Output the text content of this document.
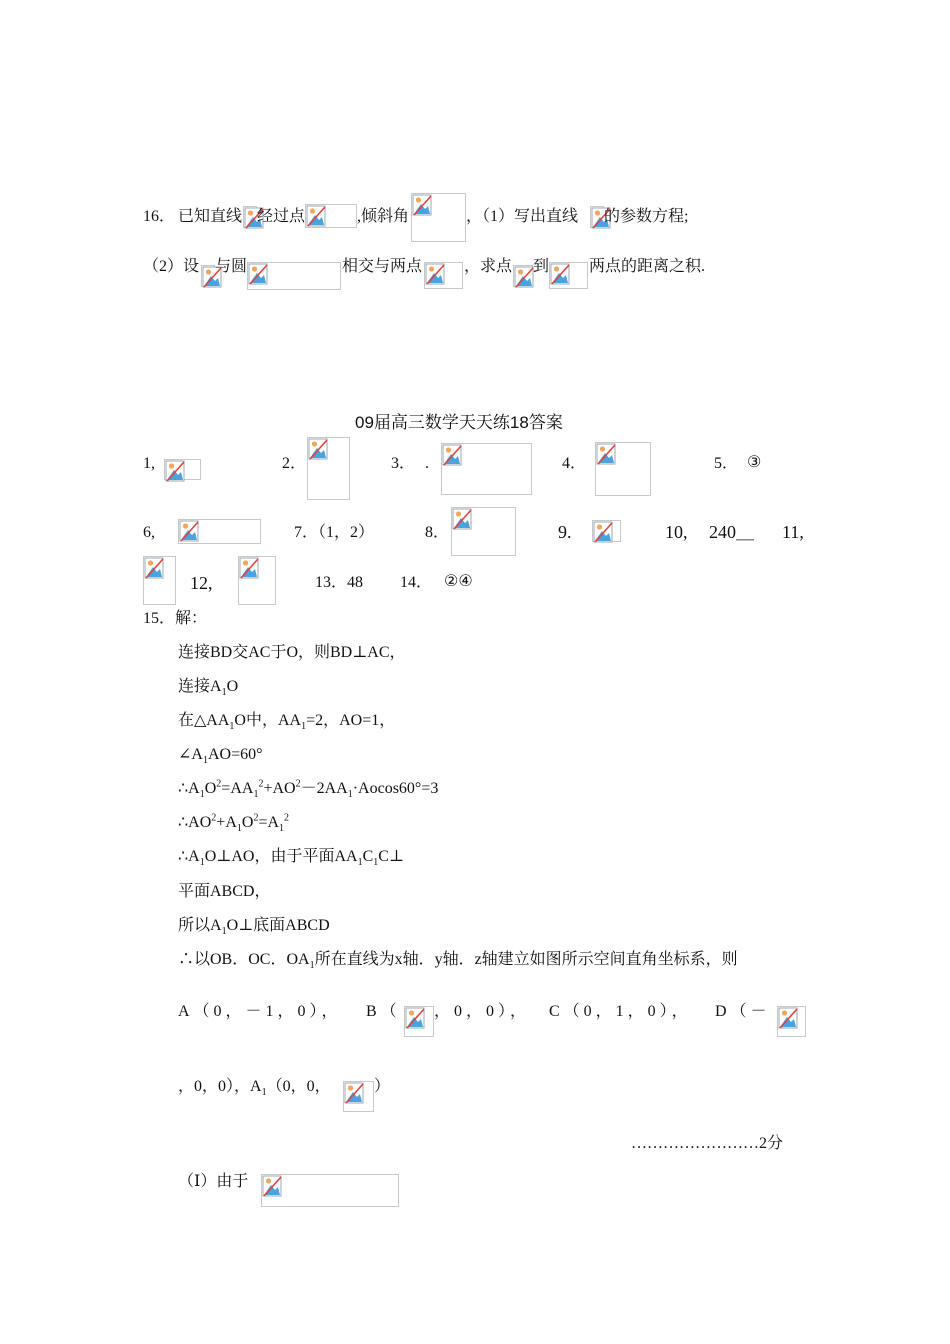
16． 已知直线 经过点	,倾斜角	，（1）写出直线 的参数方程;
（2）设 与圆	相交与两点	，求点 到 两点的距离之积.
09届高三数学天天练18答案
1,	2．	3． .	4．	5． ③
6,	7．（1，2）	8．	9.	10, 240＿ 11,
12,	13．48 14． ②④
15．解：
连接BD交AC于O，则BD⊥AC，
连接$A_1O$
在$\triangle AA_1O$中，$AA_1=2$，AO=1，
$\angle A_1AO=60^\circ$
$\therefore A_1O^2=AA_1^2+AO^2-2AA_1\cdot Aocos60^\circ=3$
$\therefore AO^2+A_1O^2=A_1^2$
$\therefore A_1O\perp AO$，由于平面$AA_1C_1C\perp$
平面ABCD，
所以$A_1O\perp$底面ABCD
∴以OB．OC．$OA_1$所在直线为x轴．y轴．z轴建立如图所示空间直角坐标系，则
A（0，－1，0）， B（ ，0，0）， C（0，1，0）， D（－
，0，0），$A_1(0$，0，	）
……………………2分
（Ⅰ）由于
